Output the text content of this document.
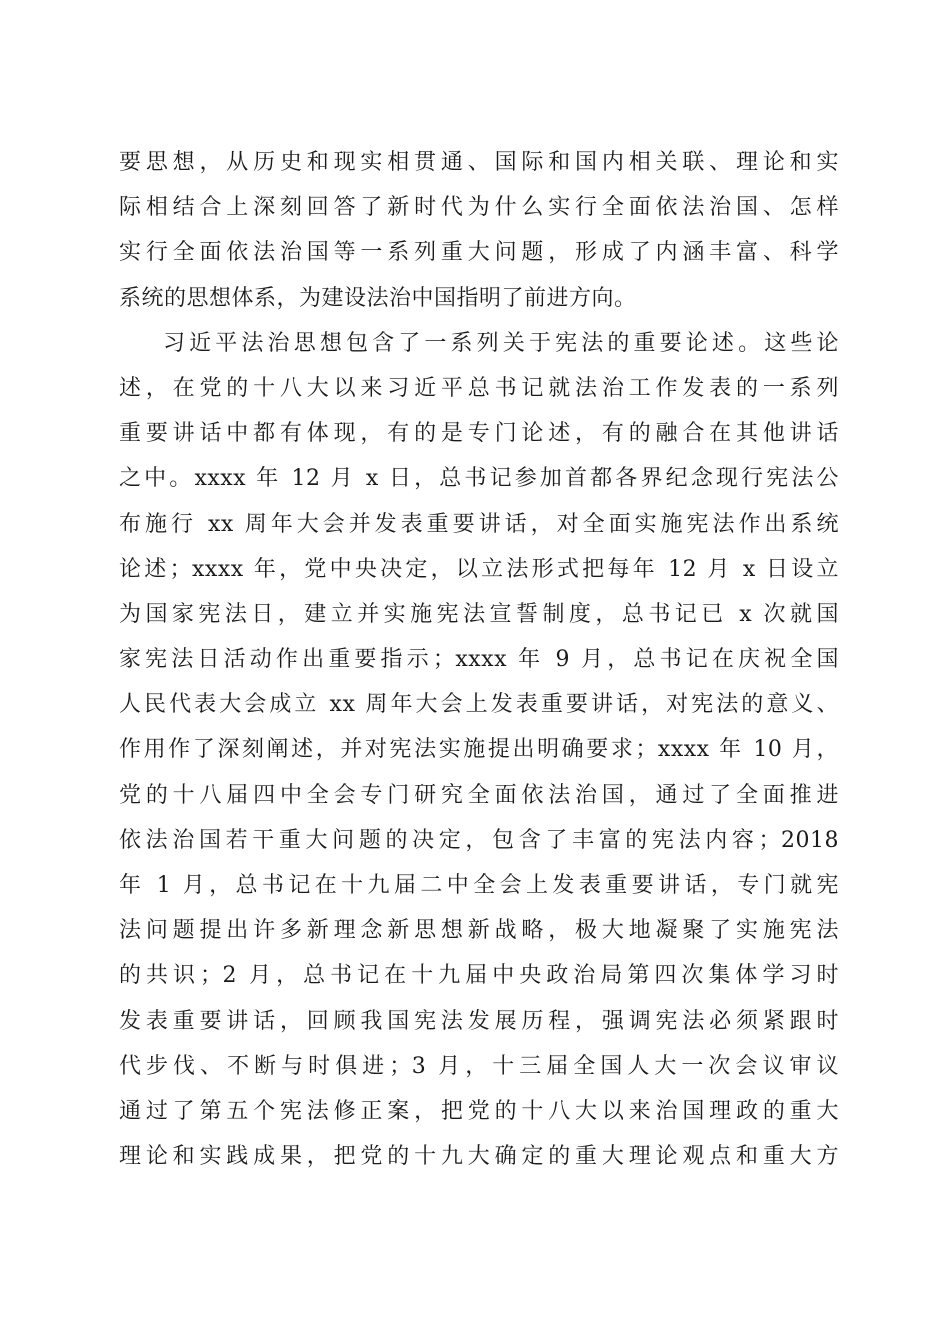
要思想，从历史和现实相贯通、国际和国内相关联、理论和实
际相结合上深刻回答了新时代为什么实行全面依法治国、怎样
实行全面依法治国等一系列重大问题，形成了内涵丰富、科学
系统的思想体系，为建设法治中国指明了前进方向。
习近平法治思想包含了一系列关于宪法的重要论述。这些论
述，在党的十八大以来习近平总书记就法治工作发表的一系列
重要讲话中都有体现，有的是专门论述，有的融合在其他讲话
之中。xxxx 年 12 月 x 日，总书记参加首都各界纪念现行宪法公
布施行 xx 周年大会并发表重要讲话，对全面实施宪法作出系统
论述；xxxx 年，党中央决定，以立法形式把每年 12 月 x 日设立
为国家宪法日，建立并实施宪法宣誓制度，总书记已 x 次就国
家宪法日活动作出重要指示；xxxx 年 9 月，总书记在庆祝全国
人民代表大会成立 xx 周年大会上发表重要讲话，对宪法的意义、
作用作了深刻阐述，并对宪法实施提出明确要求；xxxx 年 10 月，
党的十八届四中全会专门研究全面依法治国，通过了全面推进
依法治国若干重大问题的决定，包含了丰富的宪法内容；2018
年 1 月，总书记在十九届二中全会上发表重要讲话，专门就宪
法问题提出许多新理念新思想新战略，极大地凝聚了实施宪法
的共识；2 月，总书记在十九届中央政治局第四次集体学习时
发表重要讲话，回顾我国宪法发展历程，强调宪法必须紧跟时
代步伐、不断与时俱进；3 月，十三届全国人大一次会议审议
通过了第五个宪法修正案，把党的十八大以来治国理政的重大
理论和实践成果，把党的十九大确定的重大理论观点和重大方
